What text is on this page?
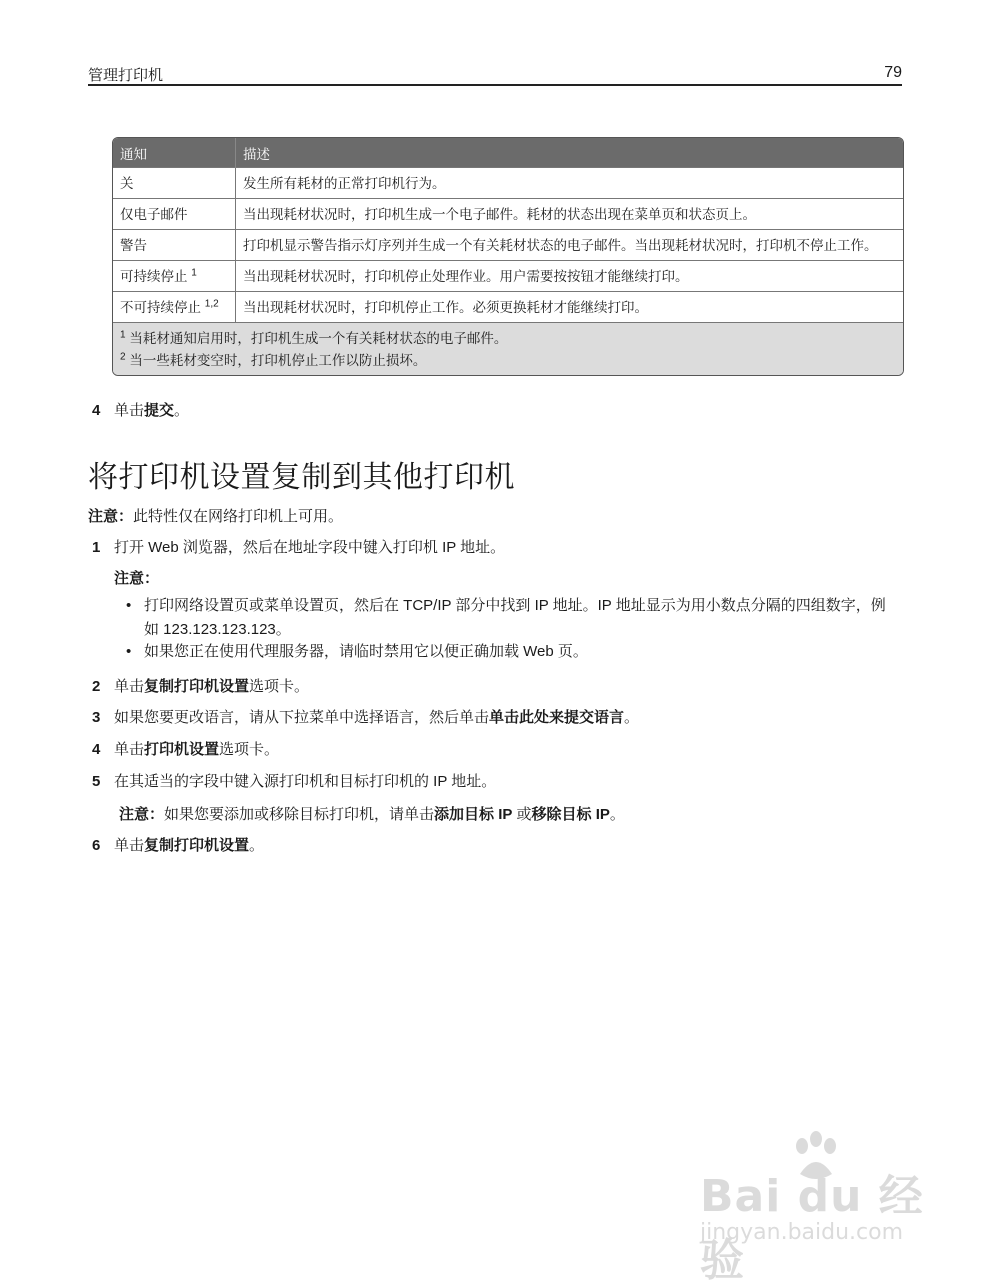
管理打印机	79
通知	描述
关	发生所有耗材的正常打印机行为。
仅电子邮件	当出现耗材状况时，打印机生成一个电子邮件。耗材的状态出现在菜单页和状态页上。
警告	打印机显示警告指示灯序列并生成一个有关耗材状态的电子邮件。当出现耗材状况时，打印机不停止工作。
可持续停止 $^1$	当出现耗材状况时，打印机停止处理作业。用户需要按按钮才能继续打印。
不可持续停止 $^{1,2}$	当出现耗材状况时，打印机停止工作。必须更换耗材才能继续打印。

$^1$ 当耗材通知启用时，打印机生成一个有关耗材状态的电子邮件。
$^2$ 当一些耗材变空时，打印机停止工作以防止损坏。	
4 单击提交。
将打印机设置复制到其他打印机
注意：此特性仅在网络打印机上可用。
1 打开 Web 浏览器，然后在地址字段中键入打印机 IP 地址。
注意：
• 打印网络设置页或菜单设置页，然后在 TCP/IP 部分中找到 IP 地址。IP 地址显示为用小数点分隔的四组数字，例如 123.123.123.123。
• 如果您正在使用代理服务器，请临时禁用它以便正确加载 Web 页。
2 单击复制打印机设置选项卡。
3 如果您要更改语言，请从下拉菜单中选择语言，然后单击单击此处来提交语言。
4 单击打印机设置选项卡。
5 在其适当的字段中键入源打印机和目标打印机的 IP 地址。
注意：如果您要添加或移除目标打印机，请单击添加目标 IP 或移除目标 IP。
6 单击复制打印机设置。
Bai du 经验
jingyan.baidu.com
